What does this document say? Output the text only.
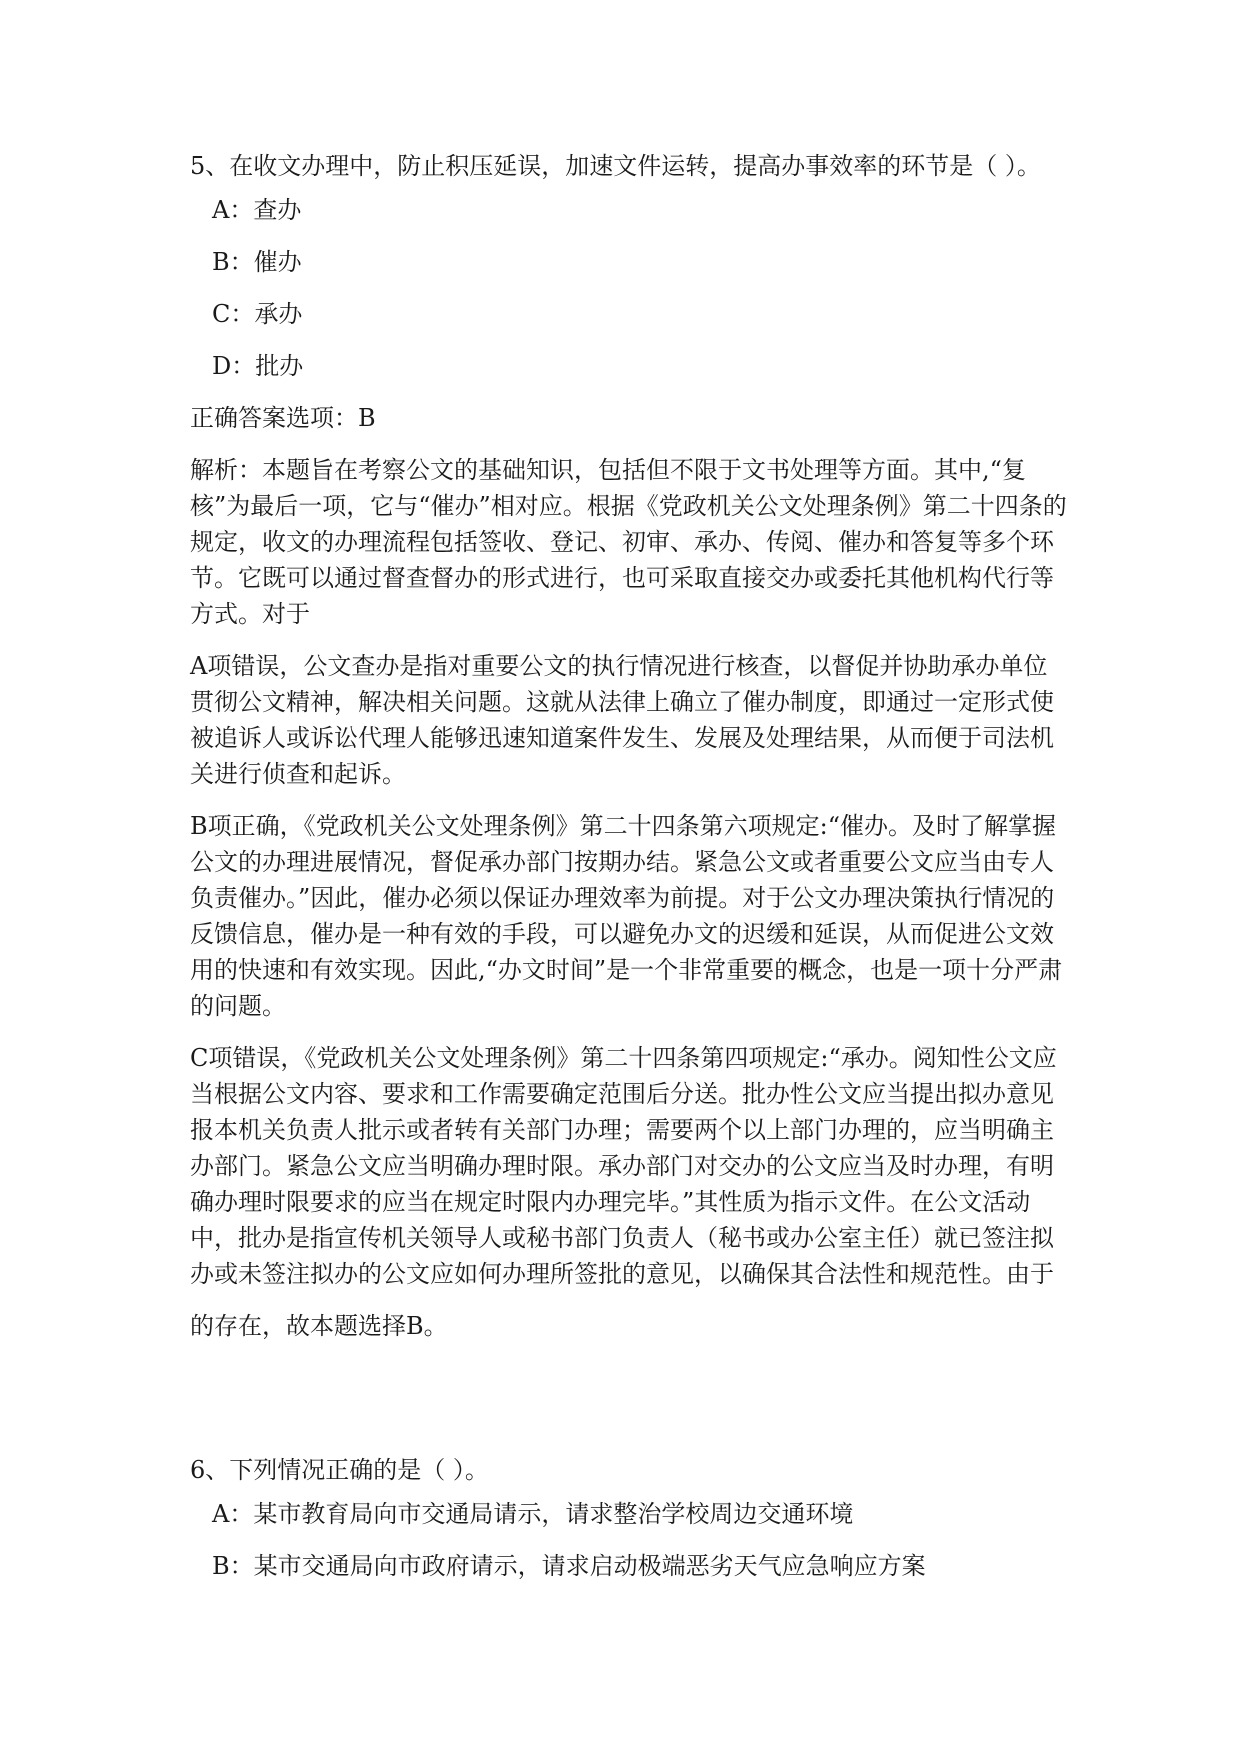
5、在收文办理中，防止积压延误，加速文件运转，提高办事效率的环节是（ ）。

A：查办
B：催办
C：承办
D：批办

正确答案选项：B

解析：本题旨在考察公文的基础知识，包括但不限于文书处理等方面。其中,“复核”为最后一项，它与“催办”相对应。根据《党政机关公文处理条例》第二十四条的规定，收文的办理流程包括签收、登记、初审、承办、传阅、催办和答复等多个环节。它既可以通过督查督办的形式进行，也可采取直接交办或委托其他机构代行等方式。对于

A项错误，公文查办是指对重要公文的执行情况进行核查，以督促并协助承办单位贯彻公文精神，解决相关问题。这就从法律上确立了催办制度，即通过一定形式使被追诉人或诉讼代理人能够迅速知道案件发生、发展及处理结果，从而便于司法机关进行侦查和起诉。

B项正确，《党政机关公文处理条例》第二十四条第六项规定:“催办。及时了解掌握公文的办理进展情况，督促承办部门按期办结。紧急公文或者重要公文应当由专人负责催办。”因此，催办必须以保证办理效率为前提。对于公文办理决策执行情况的反馈信息，催办是一种有效的手段，可以避免办文的迟缓和延误，从而促进公文效用的快速和有效实现。因此,“办文时间”是一个非常重要的概念，也是一项十分严肃的问题。

C项错误，《党政机关公文处理条例》第二十四条第四项规定:“承办。阅知性公文应当根据公文内容、要求和工作需要确定范围后分送。批办性公文应当提出拟办意见报本机关负责人批示或者转有关部门办理；需要两个以上部门办理的，应当明确主办部门。紧急公文应当明确办理时限。承办部门对交办的公文应当及时办理，有明确办理时限要求的应当在规定时限内办理完毕。”其性质为指示文件。在公文活动中，批办是指宣传机关领导人或秘书部门负责人（秘书或办公室主任）就已签注拟办或未签注拟办的公文应如何办理所签批的意见，以确保其合法性和规范性。由于

的存在，故本题选择B。

6、下列情况正确的是（ ）。

A：某市教育局向市交通局请示，请求整治学校周边交通环境
B：某市交通局向市政府请示，请求启动极端恶劣天气应急响应方案
